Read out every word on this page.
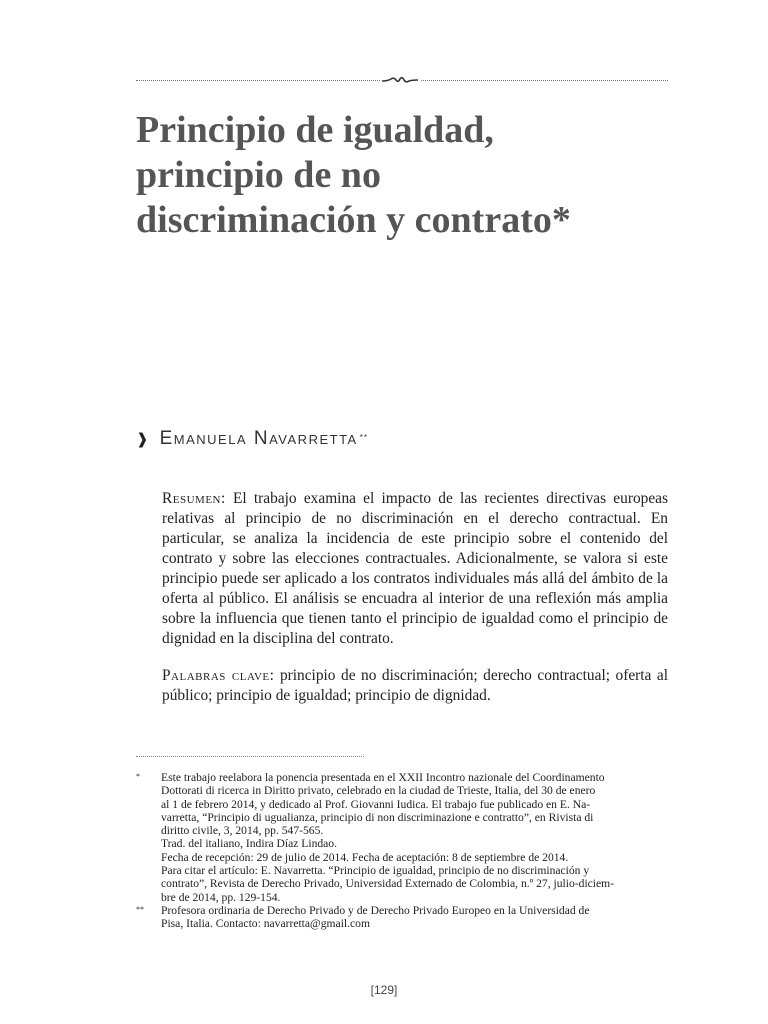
Principio de igualdad,
principio de no
discriminación y contrato*
❱ Emanuela Navarretta **

Resumen: El trabajo examina el impacto de las recientes directivas europeas relativas al principio de no discriminación en el derecho contractual. En particular, se analiza la incidencia de este principio sobre el contenido del contrato y sobre las elecciones contractuales. Adicionalmente, se valora si este principio puede ser aplicado a los contratos individuales más allá del ámbito de la oferta al público. El análisis se encuadra al interior de una reflexión más amplia sobre la influencia que tienen tanto el principio de igualdad como el principio de dignidad en la disciplina del contrato.

Palabras clave: principio de no discriminación; derecho contractual; oferta al público; principio de igualdad; principio de dignidad.

* Este trabajo reelabora la ponencia presentada en el XXII Incontro nazionale del Coordinamento
Dottorati di ricerca in Diritto privato, celebrado en la ciudad de Trieste, Italia, del 30 de enero
al 1 de febrero 2014, y dedicado al Prof. Giovanni Iudica. El trabajo fue publicado en E. Na-
varretta, “Principio di ugualianza, principio di non discriminazione e contratto”, en Rivista di
diritto civile, 3, 2014, pp. 547-565.
Trad. del italiano, Indira Díaz Lindao.
Fecha de recepción: 29 de julio de 2014. Fecha de aceptación: 8 de septiembre de 2014.
Para citar el artículo: E. Navarretta. “Principio de igualdad, principio de no discriminación y
contrato”, Revista de Derecho Privado, Universidad Externado de Colombia, n.º 27, julio-diciem-
bre de 2014, pp. 129-154.
** Profesora ordinaria de Derecho Privado y de Derecho Privado Europeo en la Universidad de
Pisa, Italia. Contacto: navarretta@gmail.com
[129]
